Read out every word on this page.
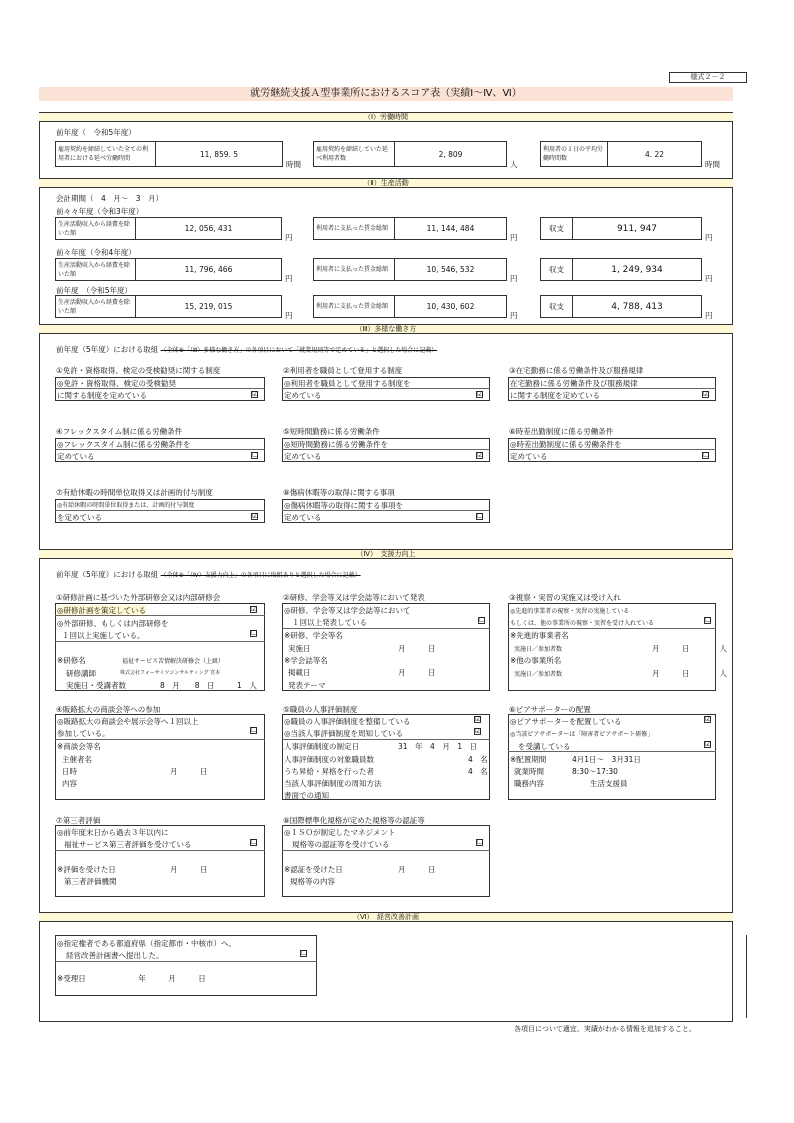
様式２－２
就労継続支援Ａ型事業所におけるスコア表（実績Ⅰ～Ⅳ、Ⅵ）
（Ⅰ）労働時間
前年度（　令和5年度）
雇用契約を締結していた全ての利用者における延べ労働時間	11, 859. 5
時間
雇用契約を締結していた延べ利用者数	2, 809
人
利用者の１日の平均労働時間数	4. 22
時間
（Ⅱ）生産活動
会計期間（　4　月～　3　月）
前々々年度（令和3年度）
生産活動収入から経費を除いた額	12, 056, 431
円
利用者に支払った賃金総額	11, 144, 484
円
収支	911, 947
円
前々年度（令和4年度）
生産活動収入から経費を除いた額	11, 796, 466
円
利用者に支払った賃金総額	10, 546, 532
円
収支	1, 249, 934
円
前年度　（令和5年度）
生産活動収入から経費を除いた額	15, 219, 015
円
利用者に支払った賃金総額	10, 430, 602
円
収支	4, 788, 413
円
（Ⅲ）多様な働き方
前年度（5年度）における取組 （全体⑧「（Ⅲ）多様な働き方」の各項目において「就業規則等で定めている」と選択した場合に記載）
①免許・資格取得、検定の受検勧奨に関する制度
◎免許・資格取得、検定の受検勧奨
に関する制度を定めている	☑
②利用者を職員として登用する制度
◎利用者を職員として登用する制度を
定めている	☑
③在宅勤務に係る労働条件及び服務規律
在宅勤務に係る労働条件及び服務規律
に関する制度を定めている	☑
④フレックスタイム制に係る労働条件
◎フレックスタイム制に係る労働条件を
定めている	☐
⑤短時間勤務に係る労働条件
◎短時間勤務に係る労働条件を
定めている	☑
⑥時差出勤制度に係る労働条件
◎時差出勤制度に係る労働条件を
定めている	☐
⑦有給休暇の時間単位取得又は計画的付与制度
◎有給休暇の時間単位取得または、計画的付与制度
を定めている	☑
⑧傷病休暇等の取得に関する事項
◎傷病休暇等の取得に関する事項を
定めている	☐
（Ⅳ）　支援力向上
前年度（5年度）における取組 （全体⑧「（Ⅳ）支援力向上」の各項目に取組ありと選択した場合に記載）
①研修計画に基づいた外部研修会又は内部研修会
◎研修計画を策定している	☑
◎外部研修、もしくは内部研修を
１回以上実施している。	☐
※研修名	福祉サービス苦情解決研修会（上級）
研修講師	株式会社フォーサイツコンサルティング 宮本
実施日・受講者数	8　月　　8　日　　　1　人
②研修、学会等又は学会誌等において発表
◎研修、学会等又は学会誌等において
１回以上発表している	☐
※研修、学会等名
実施日	月　　　日
※学会誌等名
掲載日	月　　　日
発表テーマ
③視察・実習の実施又は受け入れ
◎先進的事業者の視察・実習の実施している
もしくは、他の事業所の視察・実習を受け入れている	☐
※先進的事業者名
実施日／参加者数	月　　　日　　　　人
※他の事業所名
実施日／参加者数	月　　　日　　　　人
④販路拡大の商談会等への参加
◎販路拡大の商談会や展示会等へ１回以上
参加している。	☐
※商談会等名
主催者名
日時	月　　　日
内容
⑤職員の人事評価制度
◎職員の人事評価制度を整備している	☑
◎当該人事評価制度を周知している	☑
人事評価制度の制定日	31　年　4　月　1　日
人事評価制度の対象職員数	4　名
うち昇給・昇格を行った者	4　名
当該人事評価制度の周知方法
書面での通知
⑥ピアサポーターの配置
◎ピアサポーターを配置している	☑
◎当該ピアサポーターは「障害者ピアサポート研修」
を受講している	☑
※配置期間	4月1日～　3月31日
就業時間	8:30～17:30
職務内容	生活支援員
⑦第三者評価
◎前年度末日から過去３年以内に
福祉サービス第三者評価を受けている	☐
※評価を受けた日	月　　　日
第三者評価機関
⑧国際標準化規格が定めた規格等の認証等
◎ＩＳＯが制定したマネジメント
規格等の認証等を受けている	☐
※認証を受けた日	月　　　日
規格等の内容
（Ⅵ）　経営改善計画
◎指定権者である都道府県（指定都市・中核市）へ、
経営改善計画書へ提出した。	☐
※受理日　　　　　　　年　　　月　　　日
各項目について適宜、実績がわかる情報を追加すること。
